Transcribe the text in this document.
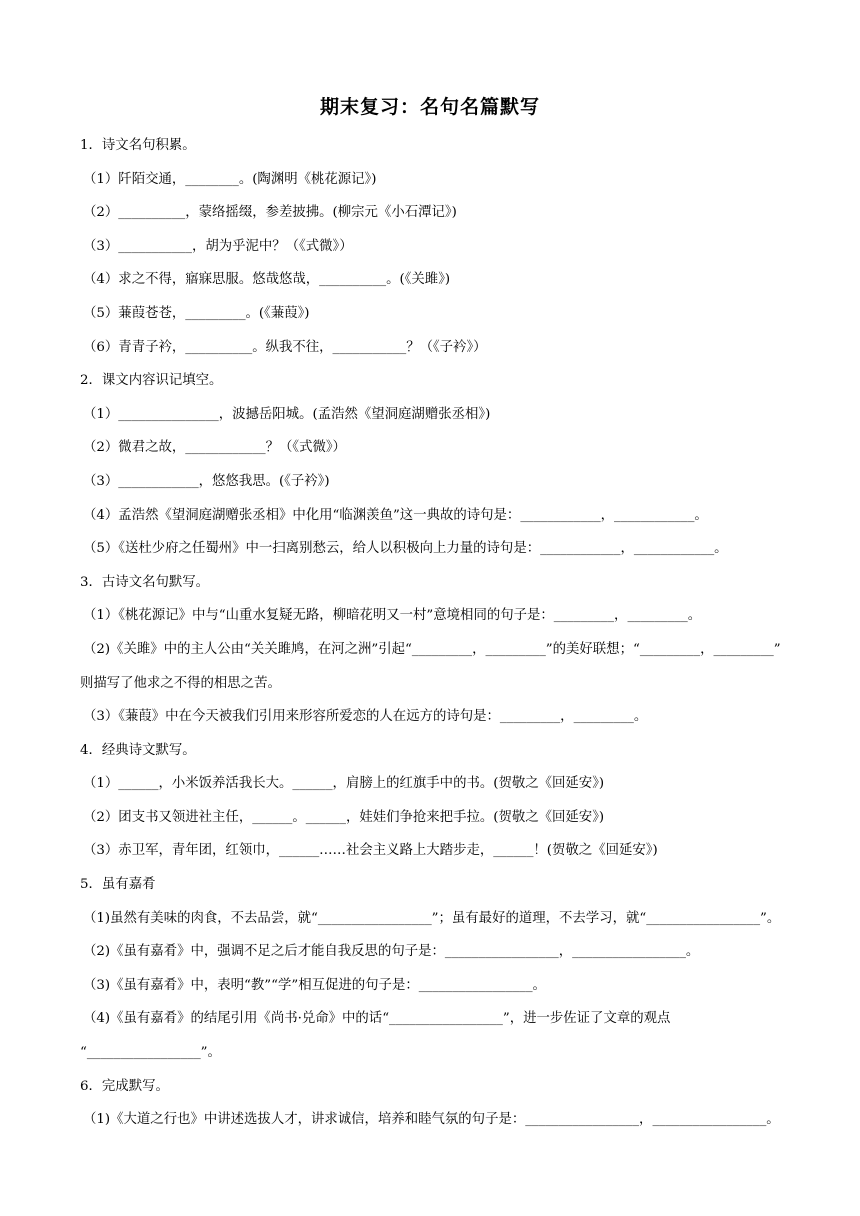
期末复习：名句名篇默写
1．诗文名句积累。
（1）阡陌交通，________。(陶渊明《桃花源记》)
（2）__________，蒙络摇缀，参差披拂。(柳宗元《小石潭记》)
（3）___________，胡为乎泥中？（《式微》）
（4）求之不得，寤寐思服。悠哉悠哉，__________。(《关雎》)
（5）蒹葭苍苍，_________。(《蒹葭》)
（6）青青子衿，__________。纵我不往，___________？（《子衿》）
2．课文内容识记填空。
（1）_______________，波撼岳阳城。(孟浩然《望洞庭湖赠张丞相》)
（2）微君之故，____________？（《式微》）
（3）____________，悠悠我思。(《子衿》)
（4）孟浩然《望洞庭湖赠张丞相》中化用“临渊羡鱼”这一典故的诗句是：____________，____________。
（5）《送杜少府之任蜀州》中一扫离别愁云，给人以积极向上力量的诗句是：____________，____________。
3．古诗文名句默写。
（1）《桃花源记》中与“山重水复疑无路，柳暗花明又一村”意境相同的句子是：_________，_________。
（2)《关雎》中的主人公由“关关雎鸠，在河之洲”引起“_________，_________”的美好联想；“_________，_________”
则描写了他求之不得的相思之苦。
（3）《蒹葭》中在今天被我们引用来形容所爱恋的人在远方的诗句是：_________，_________。
4．经典诗文默写。
（1）______，小米饭养活我长大。______，肩膀上的红旗手中的书。(贺敬之《回延安》)
（2）团支书又领进社主任，______。______，娃娃们争抢来把手拉。(贺敬之《回延安》)
（3）赤卫军，青年团，红领巾，______……社会主义路上大踏步走，______！(贺敬之《回延安》)
5．虽有嘉肴
（1)虽然有美味的肉食，不去品尝，就“_________________”；虽有最好的道理，不去学习，就“_________________”。
（2)《虽有嘉肴》中，强调不足之后才能自我反思的句子是：_________________，_________________。
（3)《虽有嘉肴》中，表明“教”“学”相互促进的句子是：_________________。
（4)《虽有嘉肴》的结尾引用《尚书·兑命》中的话“_________________”，进一步佐证了文章的观点
“_________________”。
6．完成默写。
（1)《大道之行也》中讲述选拔人才，讲求诚信，培养和睦气氛的句子是：_________________，_________________。
